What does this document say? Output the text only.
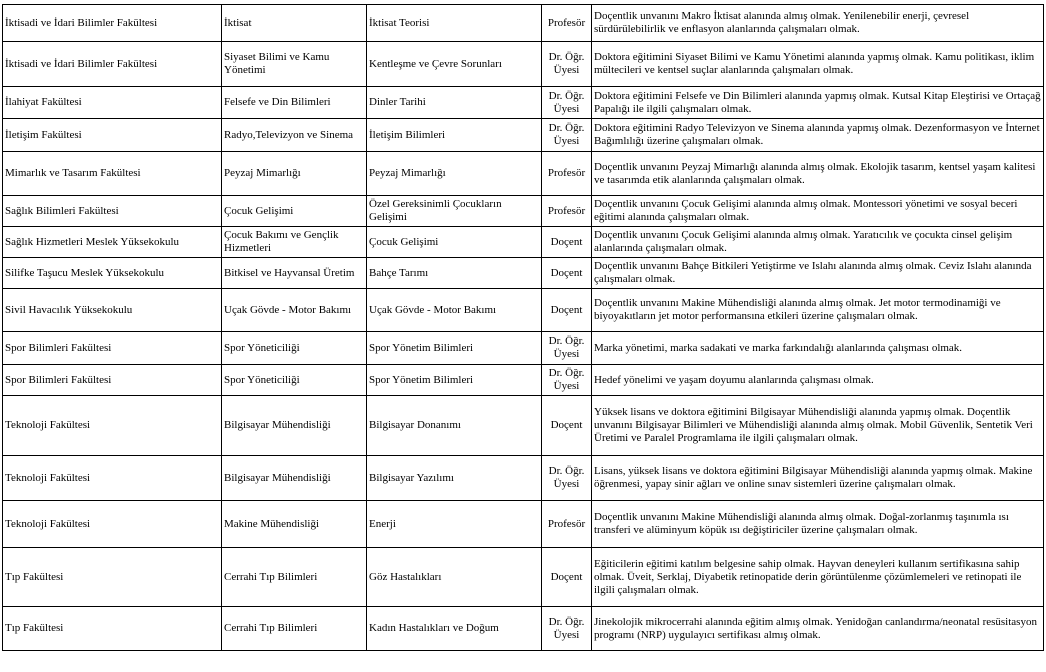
İktisadi ve İdari Bilimler Fakültesi	İktisat	İktisat Teorisi	Profesör	Doçentlik unvanını Makro İktisat alanında almış olmak. Yenilenebilir enerji, çevresel sürdürülebilirlik ve enflasyon alanlarında çalışmaları olmak.
İktisadi ve İdari Bilimler Fakültesi	Siyaset Bilimi ve Kamu Yönetimi	Kentleşme ve Çevre Sorunları	Dr. Öğr. Üyesi	Doktora eğitimini Siyaset Bilimi ve Kamu Yönetimi alanında yapmış olmak. Kamu politikası, iklim mültecileri ve kentsel suçlar alanlarında çalışmaları olmak.
İlahiyat Fakültesi	Felsefe ve Din Bilimleri	Dinler Tarihi	Dr. Öğr. Üyesi	Doktora eğitimini Felsefe ve Din Bilimleri alanında yapmış olmak. Kutsal Kitap Eleştirisi ve Ortaçağ Papalığı ile ilgili çalışmaları olmak.
İletişim Fakültesi	Radyo,Televizyon ve Sinema	İletişim Bilimleri	Dr. Öğr. Üyesi	Doktora eğitimini Radyo Televizyon ve Sinema alanında yapmış olmak. Dezenformasyon ve İnternet Bağımlılığı üzerine çalışmaları olmak.
Mimarlık ve Tasarım Fakültesi	Peyzaj Mimarlığı	Peyzaj Mimarlığı	Profesör	Doçentlik unvanını Peyzaj Mimarlığı alanında almış olmak. Ekolojik tasarım, kentsel yaşam kalitesi ve tasarımda etik alanlarında çalışmaları olmak.
Sağlık Bilimleri Fakültesi	Çocuk Gelişimi	Özel Gereksinimli Çocukların Gelişimi	Profesör	Doçentlik unvanını Çocuk Gelişimi alanında almış olmak. Montessori yönetimi ve sosyal beceri eğitimi alanında çalışmaları olmak.
Sağlık Hizmetleri Meslek Yüksekokulu	Çocuk Bakımı ve Gençlik Hizmetleri	Çocuk Gelişimi	Doçent	Doçentlik unvanını Çocuk Gelişimi alanında almış olmak. Yaratıcılık ve çocukta cinsel gelişim alanlarında çalışmaları olmak.
Silifke Taşucu Meslek Yüksekokulu	Bitkisel ve Hayvansal Üretim	Bahçe Tarımı	Doçent	Doçentlik unvanını Bahçe Bitkileri Yetiştirme ve Islahı alanında almış olmak. Ceviz Islahı alanında çalışmaları olmak.
Sivil Havacılık Yüksekokulu	Uçak Gövde - Motor Bakımı	Uçak Gövde - Motor Bakımı	Doçent	Doçentlik unvanını Makine Mühendisliği alanında almış olmak. Jet motor termodinamiği ve biyoyakıtların jet motor performansına etkileri üzerine çalışmaları olmak.
Spor Bilimleri Fakültesi	Spor Yöneticiliği	Spor Yönetim Bilimleri	Dr. Öğr. Üyesi	Marka yönetimi, marka sadakati ve marka farkındalığı alanlarında çalışması olmak.
Spor Bilimleri Fakültesi	Spor Yöneticiliği	Spor Yönetim Bilimleri	Dr. Öğr. Üyesi	Hedef yönelimi ve yaşam doyumu alanlarında çalışması olmak.
Teknoloji Fakültesi	Bilgisayar Mühendisliği	Bilgisayar Donanımı	Doçent	Yüksek lisans ve doktora eğitimini Bilgisayar Mühendisliği alanında yapmış olmak. Doçentlik unvanını Bilgisayar Bilimleri ve Mühendisliği alanında almış olmak. Mobil Güvenlik, Sentetik Veri Üretimi ve Paralel Programlama ile ilgili çalışmaları olmak.
Teknoloji Fakültesi	Bilgisayar Mühendisliği	Bilgisayar Yazılımı	Dr. Öğr. Üyesi	Lisans, yüksek lisans ve doktora eğitimini Bilgisayar Mühendisliği alanında yapmış olmak. Makine öğrenmesi, yapay sinir ağları ve online sınav sistemleri üzerine çalışmaları olmak.
Teknoloji Fakültesi	Makine Mühendisliği	Enerji	Profesör	Doçentlik unvanını Makine Mühendisliği alanında almış olmak. Doğal-zorlanmış taşınımla ısı transferi ve alüminyum köpük ısı değiştiriciler üzerine çalışmaları olmak.
Tıp Fakültesi	Cerrahi Tıp Bilimleri	Göz Hastalıkları	Doçent	Eğiticilerin eğitimi katılım belgesine sahip olmak. Hayvan deneyleri kullanım sertifikasına sahip olmak. Üveit, Serklaj, Diyabetik retinopatide derin görüntülenme çözümlemeleri ve retinopati ile ilgili çalışmaları olmak.
Tıp Fakültesi	Cerrahi Tıp Bilimleri	Kadın Hastalıkları ve Doğum	Dr. Öğr. Üyesi	Jinekolojik mikrocerrahi alanında eğitim almış olmak. Yenidoğan canlandırma/neonatal resüsitasyon programı (NRP) uygulayıcı sertifikası almış olmak.
